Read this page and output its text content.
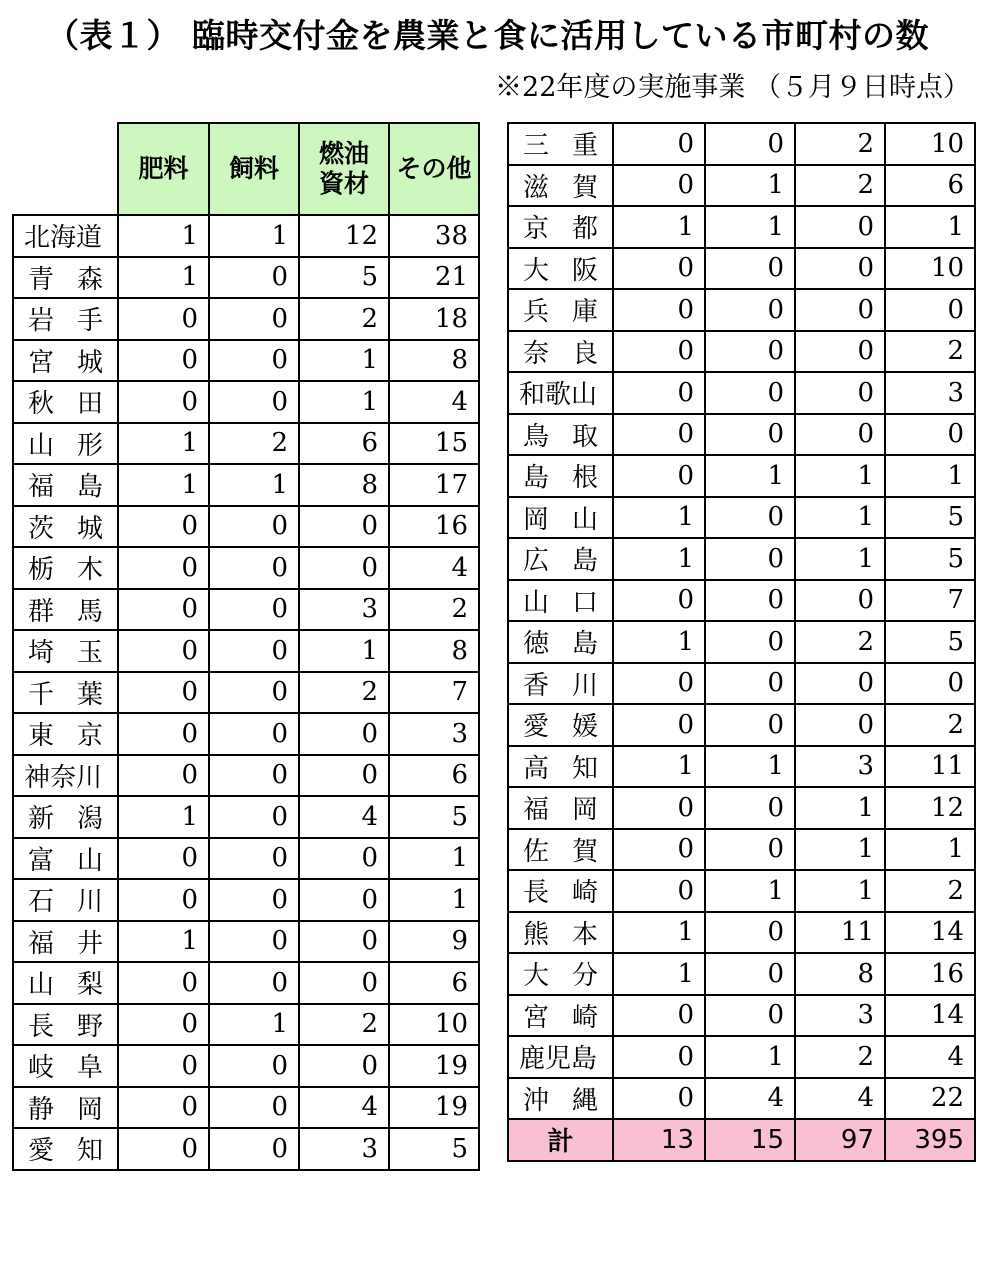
（表１） 臨時交付金を農業と食に活用している市町村の数
※22年度の実施事業 （５月９日時点）
	肥料	飼料	燃油資材	その他
北海道	1	1	12	38
青森	1	0	5	21
岩手	0	0	2	18
宮城	0	0	1	8
秋田	0	0	1	4
山形	1	2	6	15
福島	1	1	8	17
茨城	0	0	0	16
栃木	0	0	0	4
群馬	0	0	3	2
埼玉	0	0	1	8
千葉	0	0	2	7
東京	0	0	0	3
神奈川	0	0	0	6
新潟	1	0	4	5
富山	0	0	0	1
石川	0	0	0	1
福井	1	0	0	9
山梨	0	0	0	6
長野	0	1	2	10
岐阜	0	0	0	19
静岡	0	0	4	19
愛知	0	0	3	5
三重	0	0	2	10
滋賀	0	1	2	6
京都	1	1	0	1
大阪	0	0	0	10
兵庫	0	0	0	0
奈良	0	0	0	2
和歌山	0	0	0	3
鳥取	0	0	0	0
島根	0	1	1	1
岡山	1	0	1	5
広島	1	0	1	5
山口	0	0	0	7
徳島	1	0	2	5
香川	0	0	0	0
愛媛	0	0	0	2
高知	1	1	3	11
福岡	0	0	1	12
佐賀	0	0	1	1
長崎	0	1	1	2
熊本	1	0	11	14
大分	1	0	8	16
宮崎	0	0	3	14
鹿児島	0	1	2	4
沖縄	0	4	4	22
計	13	15	97	395
